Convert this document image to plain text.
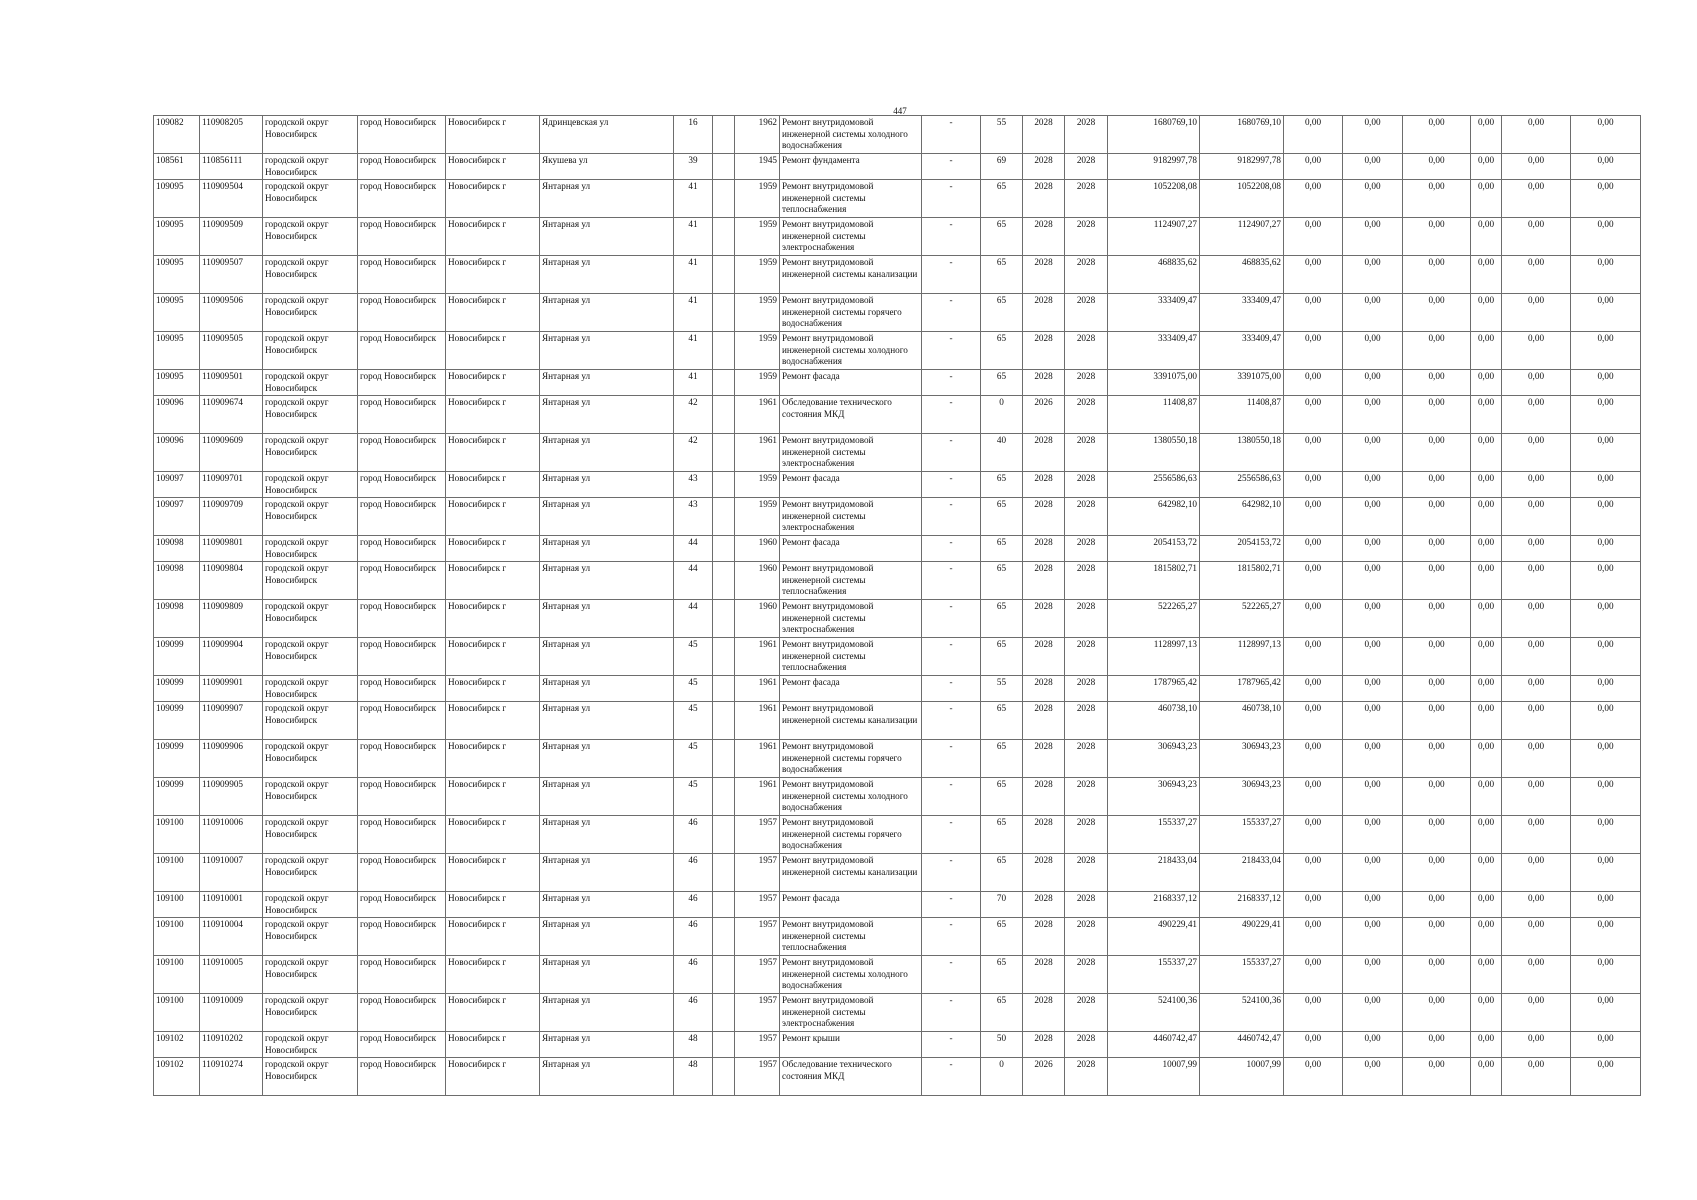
447
109082	110908205	городской округ Новосибирск	город Новосибирск	Новосибирск г	Ядринцевская ул	16		1962	Ремонт внутридомовой инженерной системы холодного водоснабжения	-	55	2028	2028	1680769,10	1680769,10	0,00	0,00	0,00	0,00	0,00	0,00
108561	110856111	городской округ Новосибирск	город Новосибирск	Новосибирск г	Якушева ул	39		1945	Ремонт фундамента	-	69	2028	2028	9182997,78	9182997,78	0,00	0,00	0,00	0,00	0,00	0,00
109095	110909504	городской округ Новосибирск	город Новосибирск	Новосибирск г	Янтарная ул	41		1959	Ремонт внутридомовой инженерной системы теплоснабжения	-	65	2028	2028	1052208,08	1052208,08	0,00	0,00	0,00	0,00	0,00	0,00
109095	110909509	городской округ Новосибирск	город Новосибирск	Новосибирск г	Янтарная ул	41		1959	Ремонт внутридомовой инженерной системы электроснабжения	-	65	2028	2028	1124907,27	1124907,27	0,00	0,00	0,00	0,00	0,00	0,00
109095	110909507	городской округ Новосибирск	город Новосибирск	Новосибирск г	Янтарная ул	41		1959	Ремонт внутридомовой инженерной системы канализации	-	65	2028	2028	468835,62	468835,62	0,00	0,00	0,00	0,00	0,00	0,00
109095	110909506	городской округ Новосибирск	город Новосибирск	Новосибирск г	Янтарная ул	41		1959	Ремонт внутридомовой инженерной системы горячего водоснабжения	-	65	2028	2028	333409,47	333409,47	0,00	0,00	0,00	0,00	0,00	0,00
109095	110909505	городской округ Новосибирск	город Новосибирск	Новосибирск г	Янтарная ул	41		1959	Ремонт внутридомовой инженерной системы холодного водоснабжения	-	65	2028	2028	333409,47	333409,47	0,00	0,00	0,00	0,00	0,00	0,00
109095	110909501	городской округ Новосибирск	город Новосибирск	Новосибирск г	Янтарная ул	41		1959	Ремонт фасада	-	65	2028	2028	3391075,00	3391075,00	0,00	0,00	0,00	0,00	0,00	0,00
109096	110909674	городской округ Новосибирск	город Новосибирск	Новосибирск г	Янтарная ул	42		1961	Обследование технического состояния МКД	-	0	2026	2028	11408,87	11408,87	0,00	0,00	0,00	0,00	0,00	0,00
109096	110909609	городской округ Новосибирск	город Новосибирск	Новосибирск г	Янтарная ул	42		1961	Ремонт внутридомовой инженерной системы электроснабжения	-	40	2028	2028	1380550,18	1380550,18	0,00	0,00	0,00	0,00	0,00	0,00
109097	110909701	городской округ Новосибирск	город Новосибирск	Новосибирск г	Янтарная ул	43		1959	Ремонт фасада	-	65	2028	2028	2556586,63	2556586,63	0,00	0,00	0,00	0,00	0,00	0,00
109097	110909709	городской округ Новосибирск	город Новосибирск	Новосибирск г	Янтарная ул	43		1959	Ремонт внутридомовой инженерной системы электроснабжения	-	65	2028	2028	642982,10	642982,10	0,00	0,00	0,00	0,00	0,00	0,00
109098	110909801	городской округ Новосибирск	город Новосибирск	Новосибирск г	Янтарная ул	44		1960	Ремонт фасада	-	65	2028	2028	2054153,72	2054153,72	0,00	0,00	0,00	0,00	0,00	0,00
109098	110909804	городской округ Новосибирск	город Новосибирск	Новосибирск г	Янтарная ул	44		1960	Ремонт внутридомовой инженерной системы теплоснабжения	-	65	2028	2028	1815802,71	1815802,71	0,00	0,00	0,00	0,00	0,00	0,00
109098	110909809	городской округ Новосибирск	город Новосибирск	Новосибирск г	Янтарная ул	44		1960	Ремонт внутридомовой инженерной системы электроснабжения	-	65	2028	2028	522265,27	522265,27	0,00	0,00	0,00	0,00	0,00	0,00
109099	110909904	городской округ Новосибирск	город Новосибирск	Новосибирск г	Янтарная ул	45		1961	Ремонт внутридомовой инженерной системы теплоснабжения	-	65	2028	2028	1128997,13	1128997,13	0,00	0,00	0,00	0,00	0,00	0,00
109099	110909901	городской округ Новосибирск	город Новосибирск	Новосибирск г	Янтарная ул	45		1961	Ремонт фасада	-	55	2028	2028	1787965,42	1787965,42	0,00	0,00	0,00	0,00	0,00	0,00
109099	110909907	городской округ Новосибирск	город Новосибирск	Новосибирск г	Янтарная ул	45		1961	Ремонт внутридомовой инженерной системы канализации	-	65	2028	2028	460738,10	460738,10	0,00	0,00	0,00	0,00	0,00	0,00
109099	110909906	городской округ Новосибирск	город Новосибирск	Новосибирск г	Янтарная ул	45		1961	Ремонт внутридомовой инженерной системы горячего водоснабжения	-	65	2028	2028	306943,23	306943,23	0,00	0,00	0,00	0,00	0,00	0,00
109099	110909905	городской округ Новосибирск	город Новосибирск	Новосибирск г	Янтарная ул	45		1961	Ремонт внутридомовой инженерной системы холодного водоснабжения	-	65	2028	2028	306943,23	306943,23	0,00	0,00	0,00	0,00	0,00	0,00
109100	110910006	городской округ Новосибирск	город Новосибирск	Новосибирск г	Янтарная ул	46		1957	Ремонт внутридомовой инженерной системы горячего водоснабжения	-	65	2028	2028	155337,27	155337,27	0,00	0,00	0,00	0,00	0,00	0,00
109100	110910007	городской округ Новосибирск	город Новосибирск	Новосибирск г	Янтарная ул	46		1957	Ремонт внутридомовой инженерной системы канализации	-	65	2028	2028	218433,04	218433,04	0,00	0,00	0,00	0,00	0,00	0,00
109100	110910001	городской округ Новосибирск	город Новосибирск	Новосибирск г	Янтарная ул	46		1957	Ремонт фасада	-	70	2028	2028	2168337,12	2168337,12	0,00	0,00	0,00	0,00	0,00	0,00
109100	110910004	городской округ Новосибирск	город Новосибирск	Новосибирск г	Янтарная ул	46		1957	Ремонт внутридомовой инженерной системы теплоснабжения	-	65	2028	2028	490229,41	490229,41	0,00	0,00	0,00	0,00	0,00	0,00
109100	110910005	городской округ Новосибирск	город Новосибирск	Новосибирск г	Янтарная ул	46		1957	Ремонт внутридомовой инженерной системы холодного водоснабжения	-	65	2028	2028	155337,27	155337,27	0,00	0,00	0,00	0,00	0,00	0,00
109100	110910009	городской округ Новосибирск	город Новосибирск	Новосибирск г	Янтарная ул	46		1957	Ремонт внутридомовой инженерной системы электроснабжения	-	65	2028	2028	524100,36	524100,36	0,00	0,00	0,00	0,00	0,00	0,00
109102	110910202	городской округ Новосибирск	город Новосибирск	Новосибирск г	Янтарная ул	48		1957	Ремонт крыши	-	50	2028	2028	4460742,47	4460742,47	0,00	0,00	0,00	0,00	0,00	0,00
109102	110910274	городской округ Новосибирск	город Новосибирск	Новосибирск г	Янтарная ул	48		1957	Обследование технического состояния МКД	-	0	2026	2028	10007,99	10007,99	0,00	0,00	0,00	0,00	0,00	0,00
